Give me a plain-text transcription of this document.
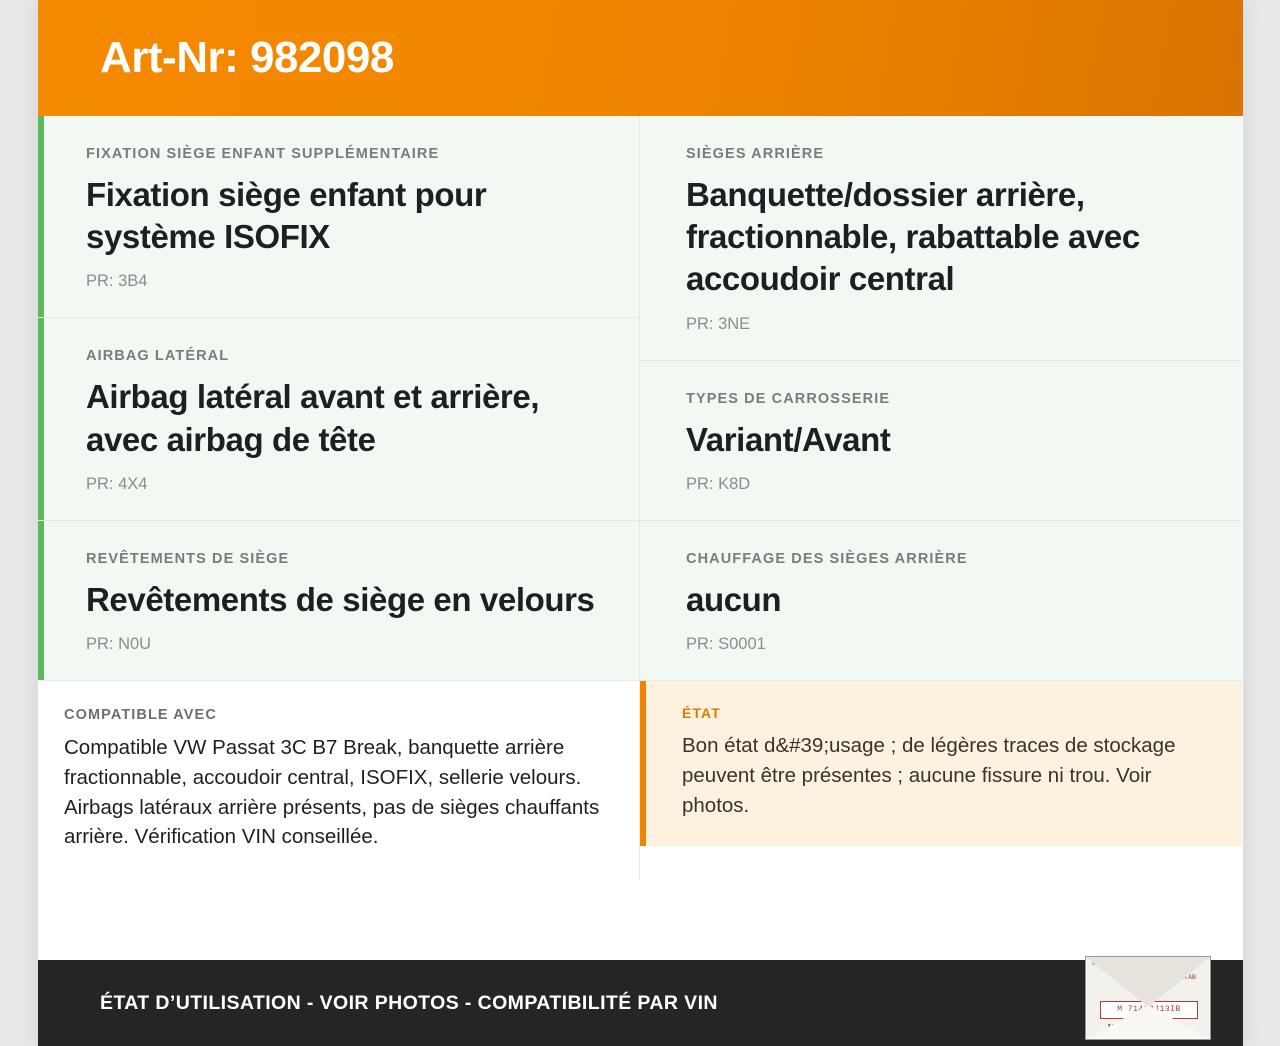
Art-Nr: 982098

FIXATION SIÈGE ENFANT SUPPLÉMENTAIRE

Fixation siège enfant pour système ISOFIX

PR: 3B4

AIRBAG LATÉRAL

Airbag latéral avant et arrière, avec airbag de tête

PR: 4X4

REVÊTEMENTS DE SIÈGE

Revêtements de siège en velours

PR: N0U

COMPATIBLE AVEC

Compatible VW Passat 3C B7 Break, banquette arrière fractionnable, accoudoir central, ISOFIX, sellerie velours. Airbags latéraux arrière présents, pas de sièges chauffants arrière. Vérification VIN conseillée.

SIÈGES ARRIÈRE

Banquette/dossier arrière, fractionnable, rabattable avec accoudoir central

PR: 3NE

TYPES DE CARROSSERIE

Variant/Avant

PR: K8D

CHAUFFAGE DES SIÈGES ARRIÈRE

aucun

PR: S0001

ÉTAT

Bon état d&#39;usage ; de légères traces de stockage peuvent être présentes ; aucune fissure ni trou. Voir photos.

ÉTAT D’UTILISATION - VOIR PHOTOS - COMPATIBILITÉ PAR VIN
Karosserie
H AB
M 71462J13IB
Mercedes-Benz
